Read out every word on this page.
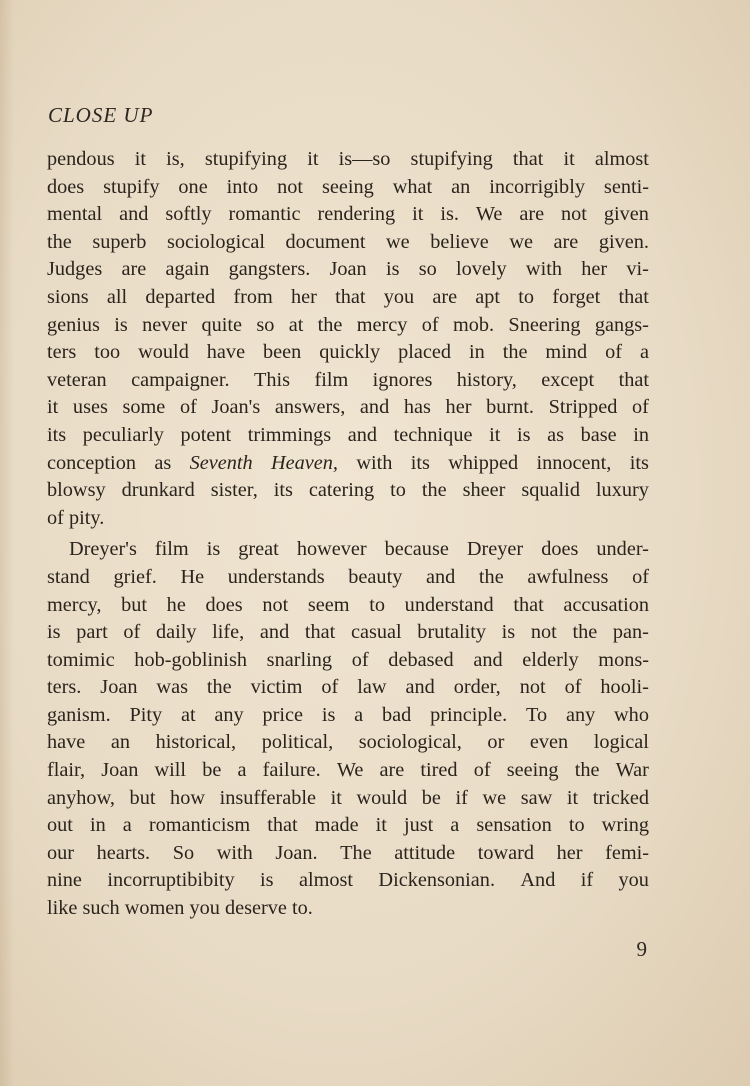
CLOSE UP
pendous it is, stupifying it is—so stupifying that it almost
does stupify one into not seeing what an incorrigibly senti-
mental and softly romantic rendering it is. We are not given
the superb sociological document we believe we are given.
Judges are again gangsters. Joan is so lovely with her vi-
sions all departed from her that you are apt to forget that
genius is never quite so at the mercy of mob. Sneering gangs-
ters too would have been quickly placed in the mind of a
veteran campaigner. This film ignores history, except that
it uses some of Joan's answers, and has her burnt. Stripped of
its peculiarly potent trimmings and technique it is as base in
conception as Seventh Heaven, with its whipped innocent, its
blowsy drunkard sister, its catering to the sheer squalid luxury
of pity.
Dreyer's film is great however because Dreyer does under-
stand grief. He understands beauty and the awfulness of
mercy, but he does not seem to understand that accusation
is part of daily life, and that casual brutality is not the pan-
tomimic hob-goblinish snarling of debased and elderly mons-
ters. Joan was the victim of law and order, not of hooli-
ganism. Pity at any price is a bad principle. To any who
have an historical, political, sociological, or even logical
flair, Joan will be a failure. We are tired of seeing the War
anyhow, but how insufferable it would be if we saw it tricked
out in a romanticism that made it just a sensation to wring
our hearts. So with Joan. The attitude toward her femi-
nine incorruptibibity is almost Dickensonian. And if you
like such women you deserve to.
9
